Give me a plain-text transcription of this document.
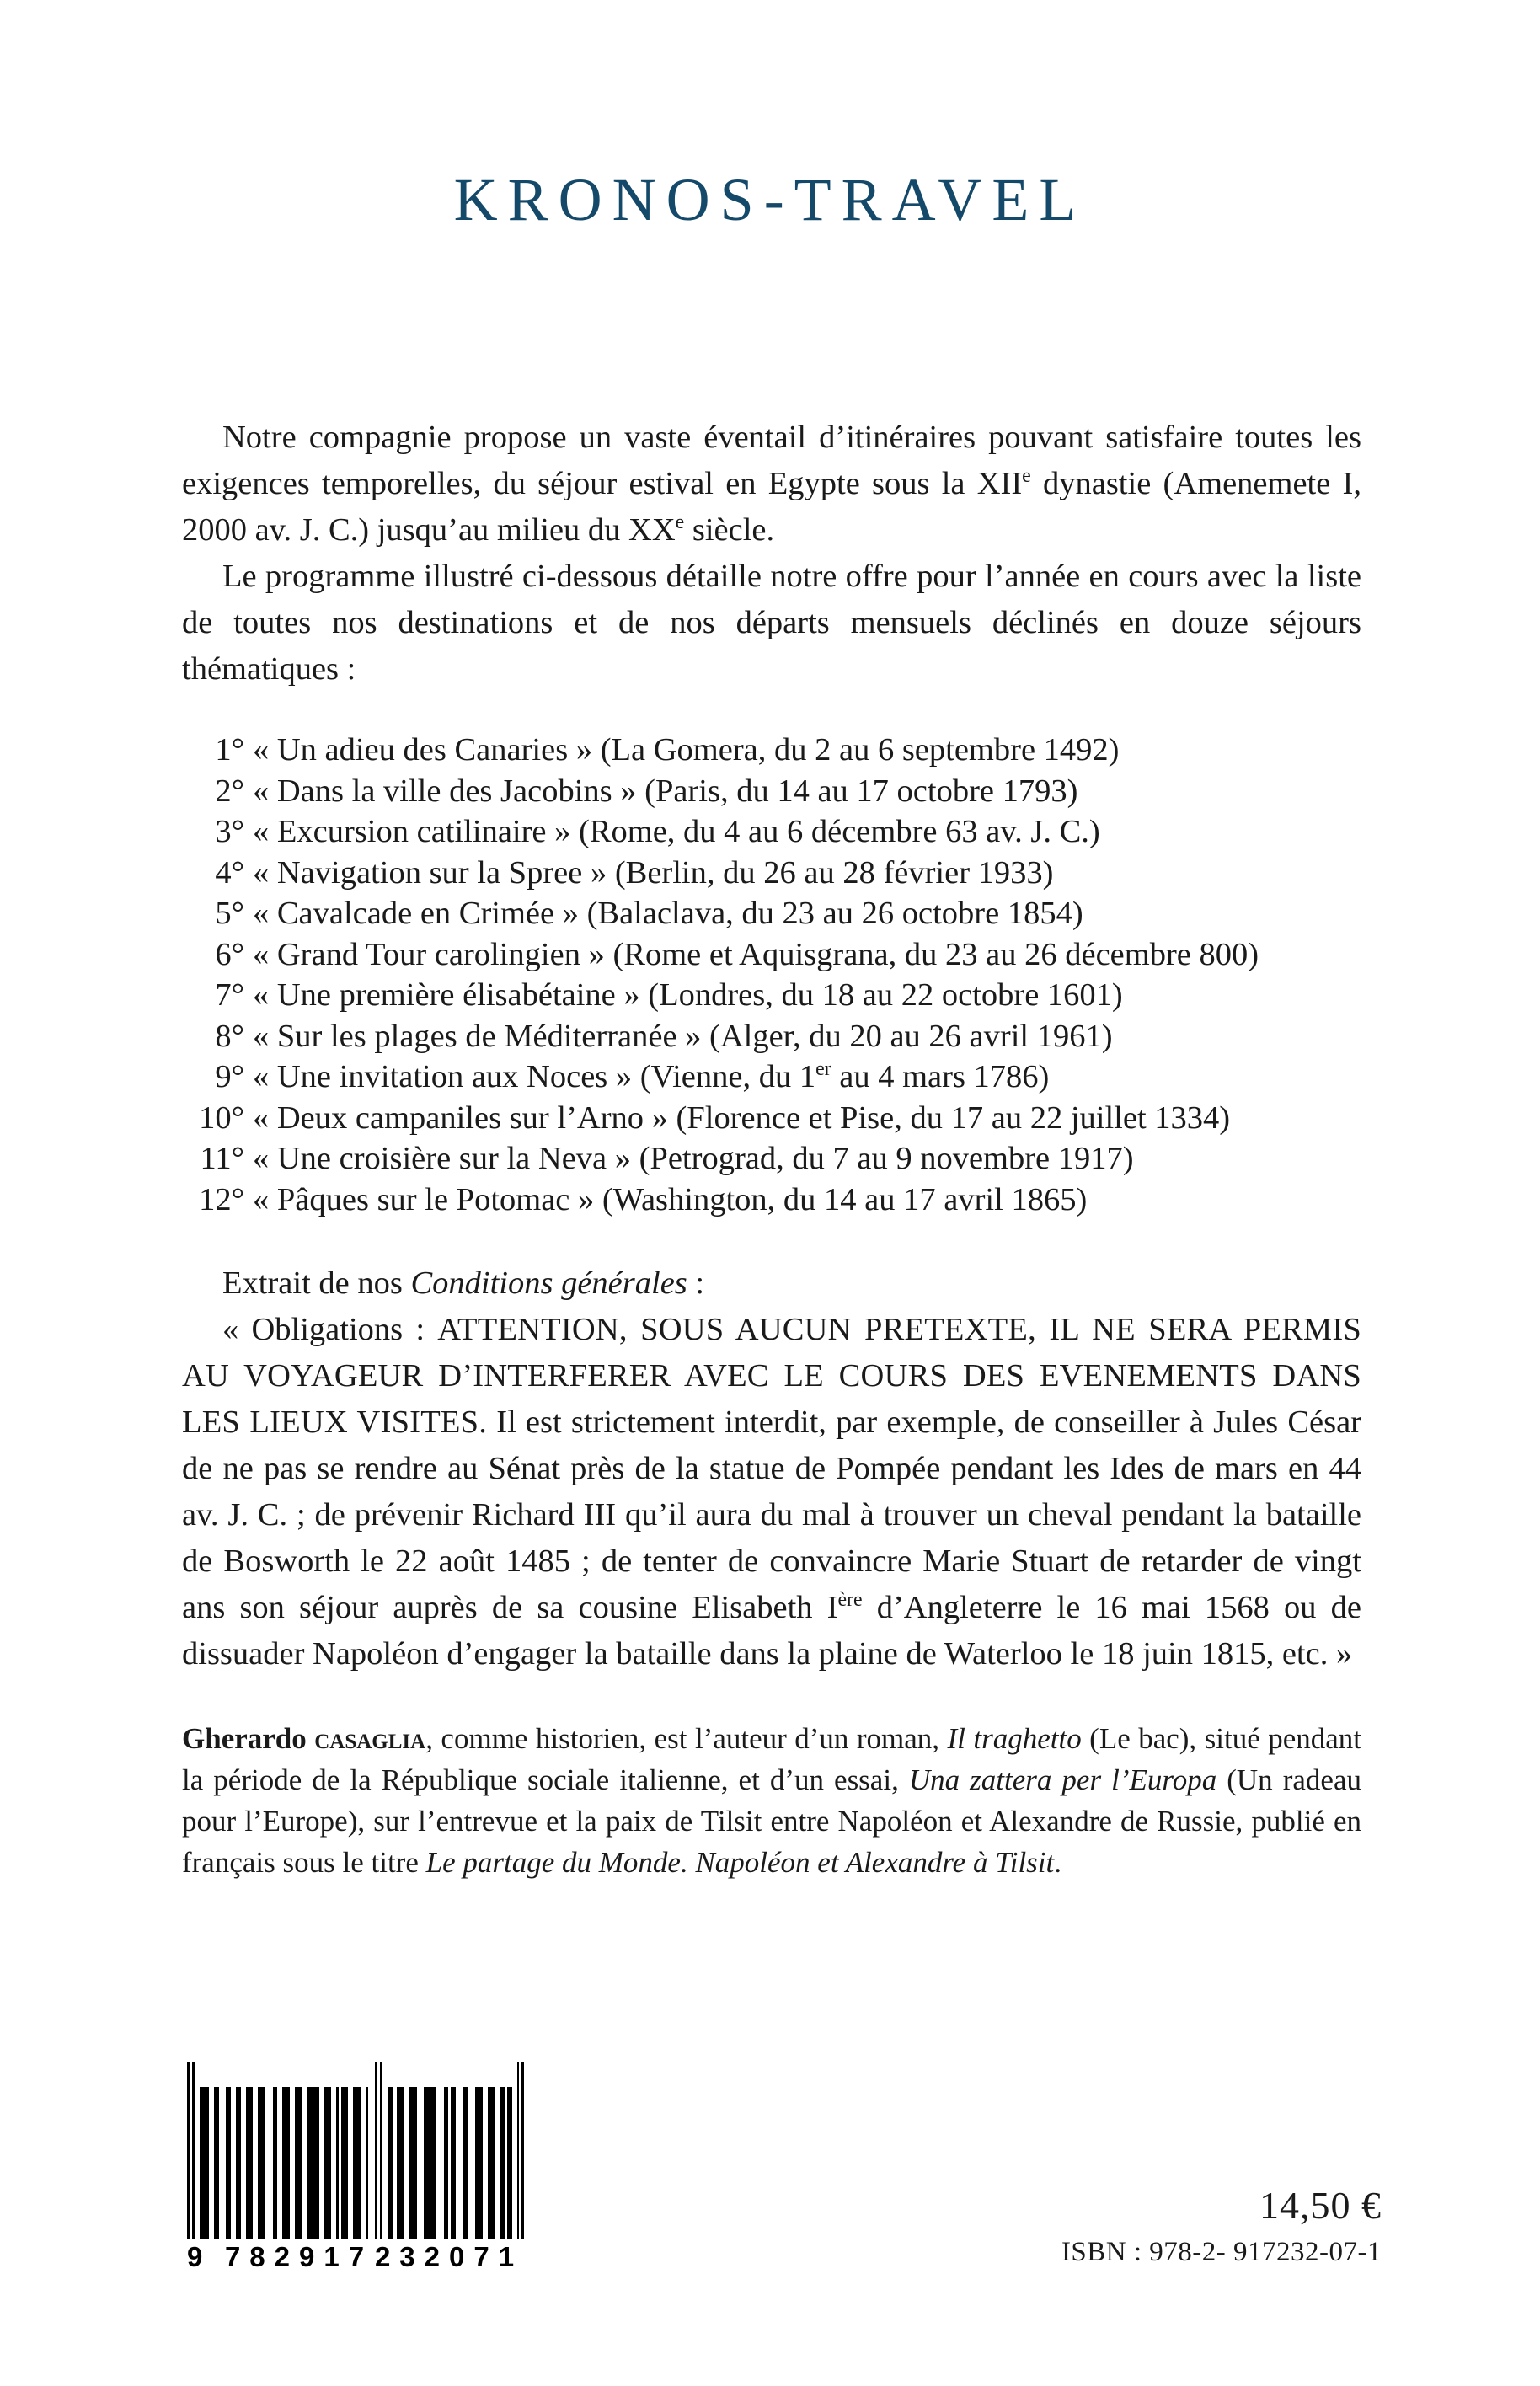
KRONOS-TRAVEL

Notre compagnie propose un vaste éventail d’itinéraires pouvant satisfaire toutes les exigences temporelles, du séjour estival en Egypte sous la XIIe dynastie (Amenemete I, 2000 av. J. C.) jusqu’au milieu du XXe siècle.

Le programme illustré ci-dessous détaille notre offre pour l’année en cours avec la liste de toutes nos destinations et de nos départs mensuels déclinés en douze séjours thématiques :

1° « Un adieu des Canaries » (La Gomera, du 2 au 6 septembre 1492)
2° « Dans la ville des Jacobins » (Paris, du 14 au 17 octobre 1793)
3° « Excursion catilinaire » (Rome, du 4 au 6 décembre 63 av. J. C.)
4° « Navigation sur la Spree » (Berlin, du 26 au 28 février 1933)
5° « Cavalcade en Crimée » (Balaclava, du 23 au 26 octobre 1854)
6° « Grand Tour carolingien » (Rome et Aquisgrana, du 23 au 26 décembre 800)
7° « Une première élisabétaine » (Londres, du 18 au 22 octobre 1601)
8° « Sur les plages de Méditerranée » (Alger, du 20 au 26 avril 1961)
9° « Une invitation aux Noces » (Vienne, du 1er au 4 mars 1786)
10° « Deux campaniles sur l’Arno » (Florence et Pise, du 17 au 22 juillet 1334)
11° « Une croisière sur la Neva » (Petrograd, du 7 au 9 novembre 1917)
12° « Pâques sur le Potomac » (Washington, du 14 au 17 avril 1865)

Extrait de nos Conditions générales :

« Obligations : ATTENTION, SOUS AUCUN PRETEXTE, IL NE SERA PERMIS AU VOYAGEUR D’INTERFERER AVEC LE COURS DES EVENEMENTS DANS LES LIEUX VISITES. Il est strictement interdit, par exemple, de conseiller à Jules César de ne pas se rendre au Sénat près de la statue de Pompée pendant les Ides de mars en 44 av. J. C. ; de prévenir Richard III qu’il aura du mal à trouver un cheval pendant la bataille de Bosworth le 22 août 1485 ; de tenter de convaincre Marie Stuart de retarder de vingt ans son séjour auprès de sa cousine Elisabeth Ière d’Angleterre le 16 mai 1568 ou de dissuader Napoléon d’engager la bataille dans la plaine de Waterloo le 18 juin 1815, etc. »

Gherardo casaglia, comme historien, est l’auteur d’un roman, Il traghetto (Le bac), situé pendant la période de la République sociale italienne, et d’un essai, Una zattera per l’Europa (Un radeau pour l’Europe), sur l’entrevue et la paix de Tilsit entre Napoléon et Alexandre de Russie, publié en français sous le titre Le partage du Monde. Napoléon et Alexandre à Tilsit.

9 782917 232071
14,50 €
ISBN : 978-2- 917232-07-1
